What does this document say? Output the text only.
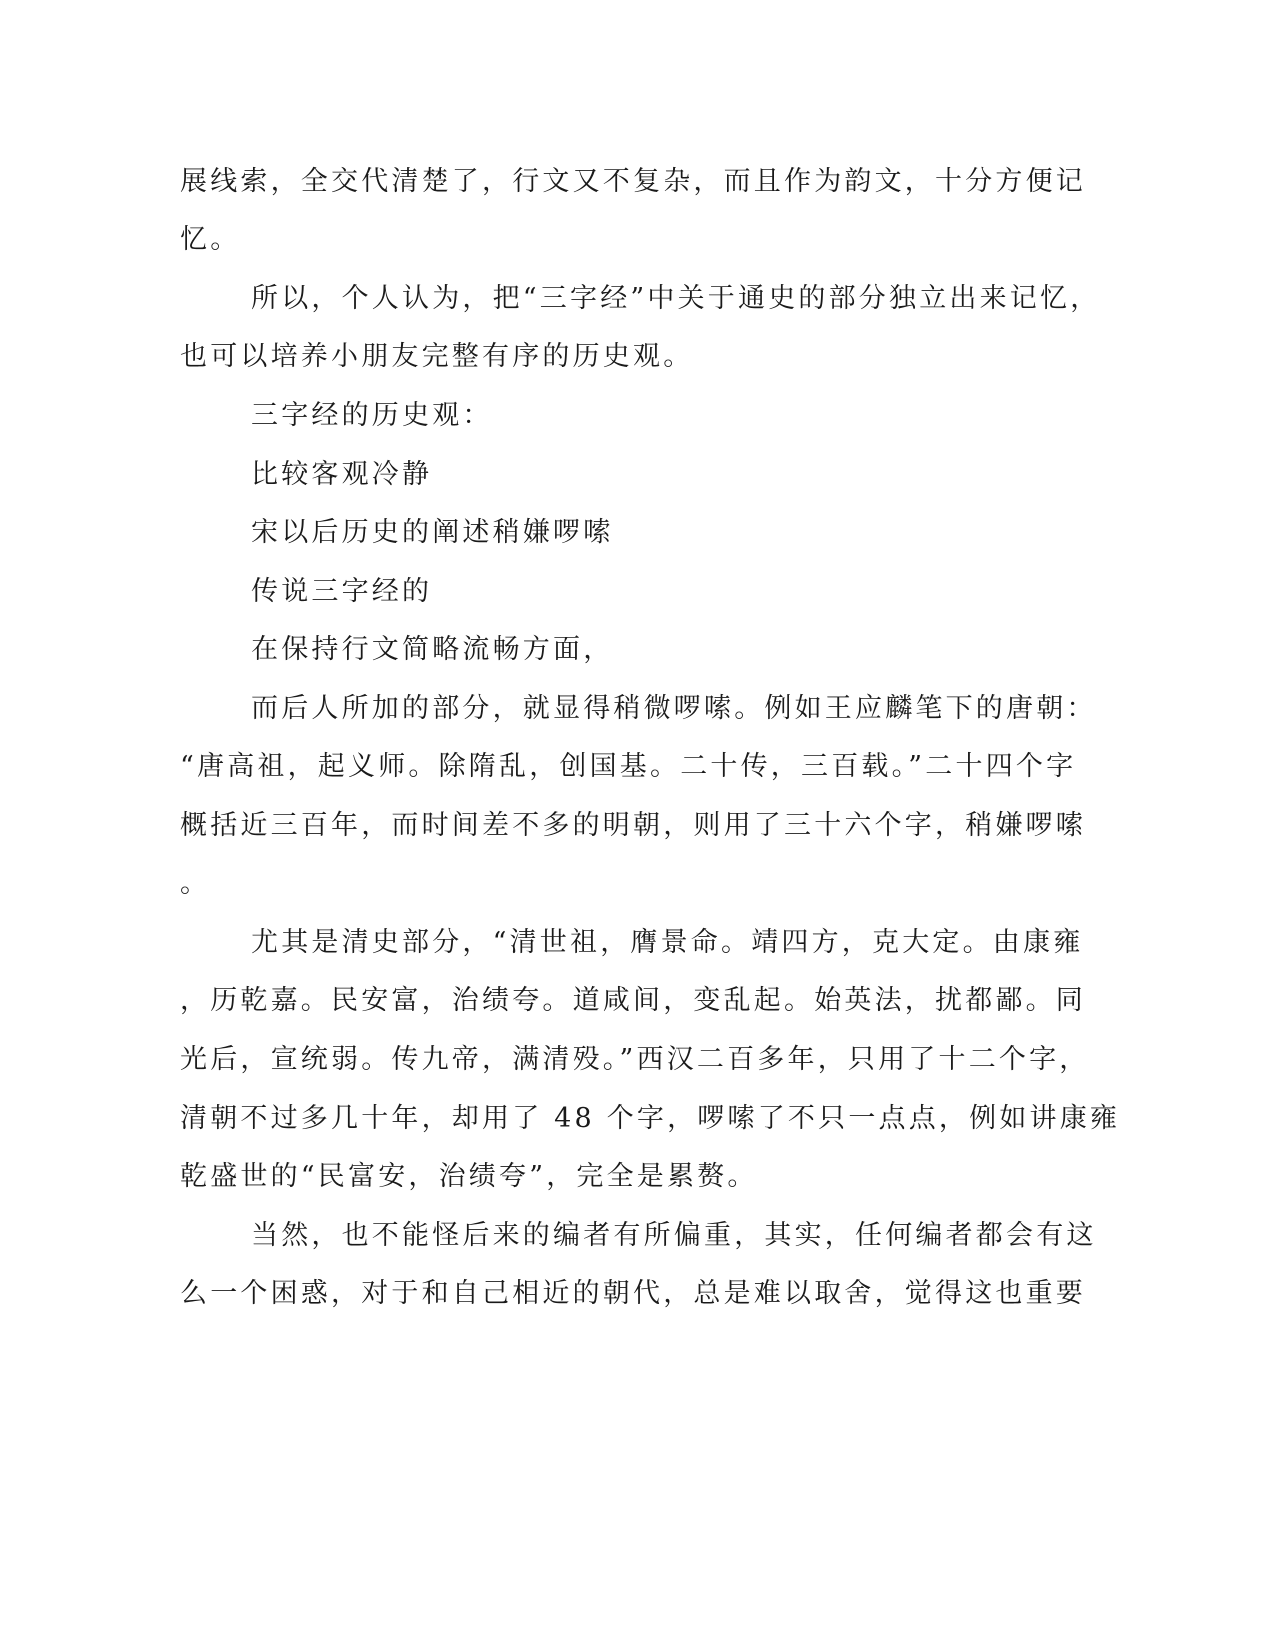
展线索，全交代清楚了，行文又不复杂，而且作为韵文，十分方便记
忆。
所以，个人认为，把“三字经”中关于通史的部分独立出来记忆，
也可以培养小朋友完整有序的历史观。
三字经的历史观：
比较客观冷静
宋以后历史的阐述稍嫌啰嗦
传说三字经的
在保持行文简略流畅方面，
而后人所加的部分，就显得稍微啰嗦。例如王应麟笔下的唐朝：
“唐高祖，起义师。除隋乱，创国基。二十传，三百载。”二十四个字
概括近三百年，而时间差不多的明朝，则用了三十六个字，稍嫌啰嗦
。
尤其是清史部分，“清世祖，膺景命。靖四方，克大定。由康雍
，历乾嘉。民安富，治绩夸。道咸间，变乱起。始英法，扰都鄙。同
光后，宣统弱。传九帝，满清殁。”西汉二百多年，只用了十二个字，
清朝不过多几十年，却用了 48 个字，啰嗦了不只一点点，例如讲康雍
乾盛世的“民富安，治绩夸”，完全是累赘。
当然，也不能怪后来的编者有所偏重，其实，任何编者都会有这
么一个困惑，对于和自己相近的朝代，总是难以取舍，觉得这也重要
